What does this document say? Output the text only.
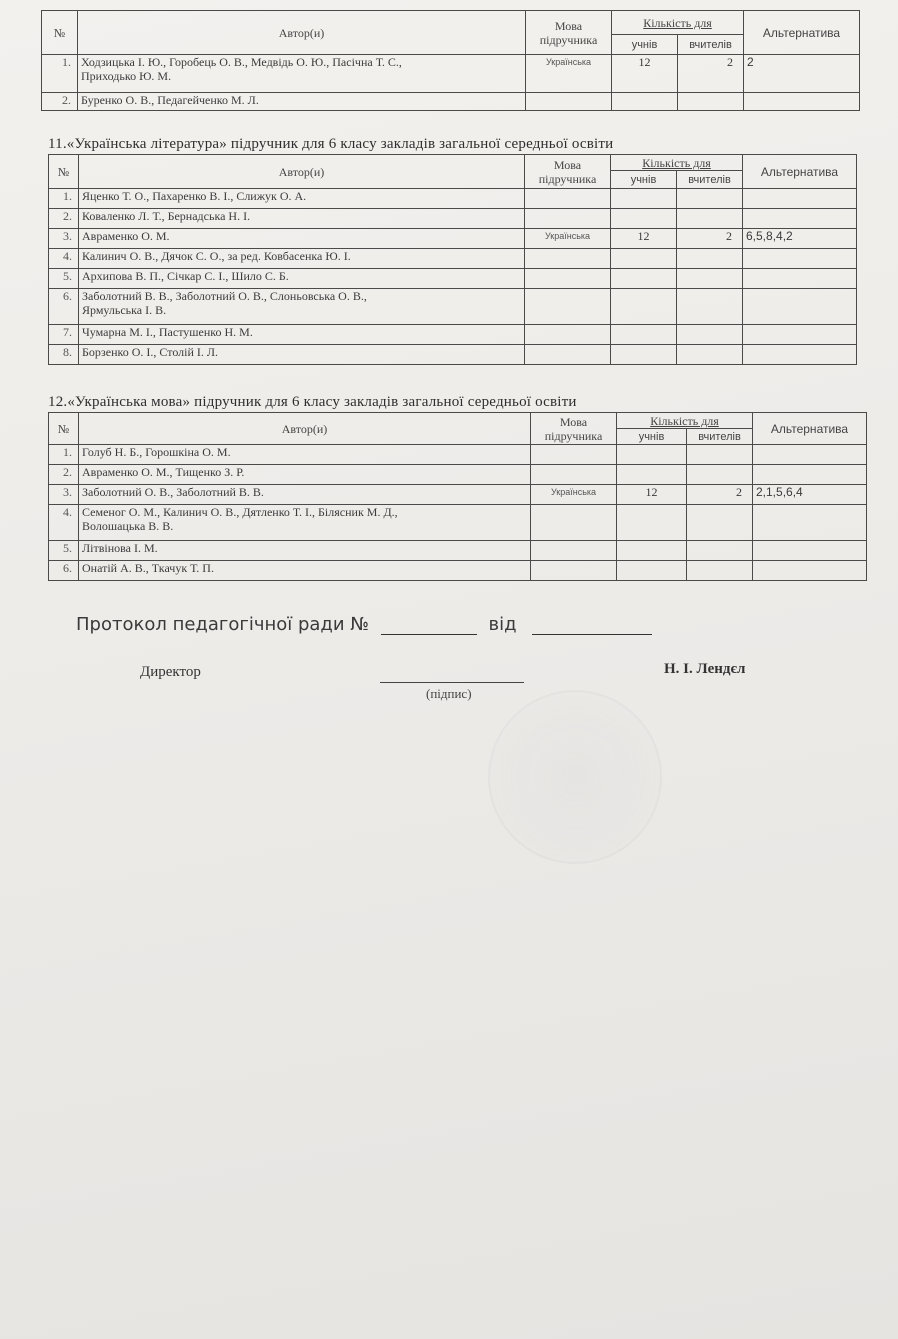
№	Автор(и)	Мова
підручника	Кількість для		Альтернатива
			учнів	вчителів	
1.	Ходзицька І. Ю., Горобець О. В., Медвідь О. Ю., Пасічна Т. С.,
Приходько Ю. М.	Українська	12	2	2
2.	Буренко О. В., Педагейченко М. Л.				
11.«Українська література» підручник для 6 класу закладів загальної середньої освіти
№	Автор(и)	Мова
підручника	Кількість для		Альтернатива
			учнів	вчителів	
1.	Яценко Т. О., Пахаренко В. І., Слижук О. А.				
2.	Коваленко Л. Т., Бернадська Н. І.				
3.	Авраменко О. М.	Українська	12	2	6,5,8,4,2
4.	Калинич О. В., Дячок С. О., за ред. Ковбасенка Ю. І.				
5.	Архипова В. П., Січкар С. І., Шило С. Б.				
6.	Заболотний В. В., Заболотний О. В., Слоньовська О. В.,
Ярмульська І. В.				
7.	Чумарна М. І., Пастушенко Н. М.				
8.	Борзенко О. І., Столій І. Л.				
12.«Українська мова» підручник для 6 класу закладів загальної середньої освіти
№	Автор(и)	Мова
підручника	Кількість для		Альтернатива
			учнів	вчителів	
1.	Голуб Н. Б., Горошкіна О. М.				
2.	Авраменко О. М., Тищенко З. Р.				
3.	Заболотний О. В., Заболотний В. В.	Українська	12	2	2,1,5,6,4
4.	Семеног О. М., Калинич О. В., Дятленко Т. І., Білясник М. Д.,
Волошацька В. В.				
5.	Літвінова І. М.				
6.	Онатій А. В., Ткачук Т. П.				
Протокол педагогічної ради №	від
Директор
(підпис)
Н. І. Лендєл
